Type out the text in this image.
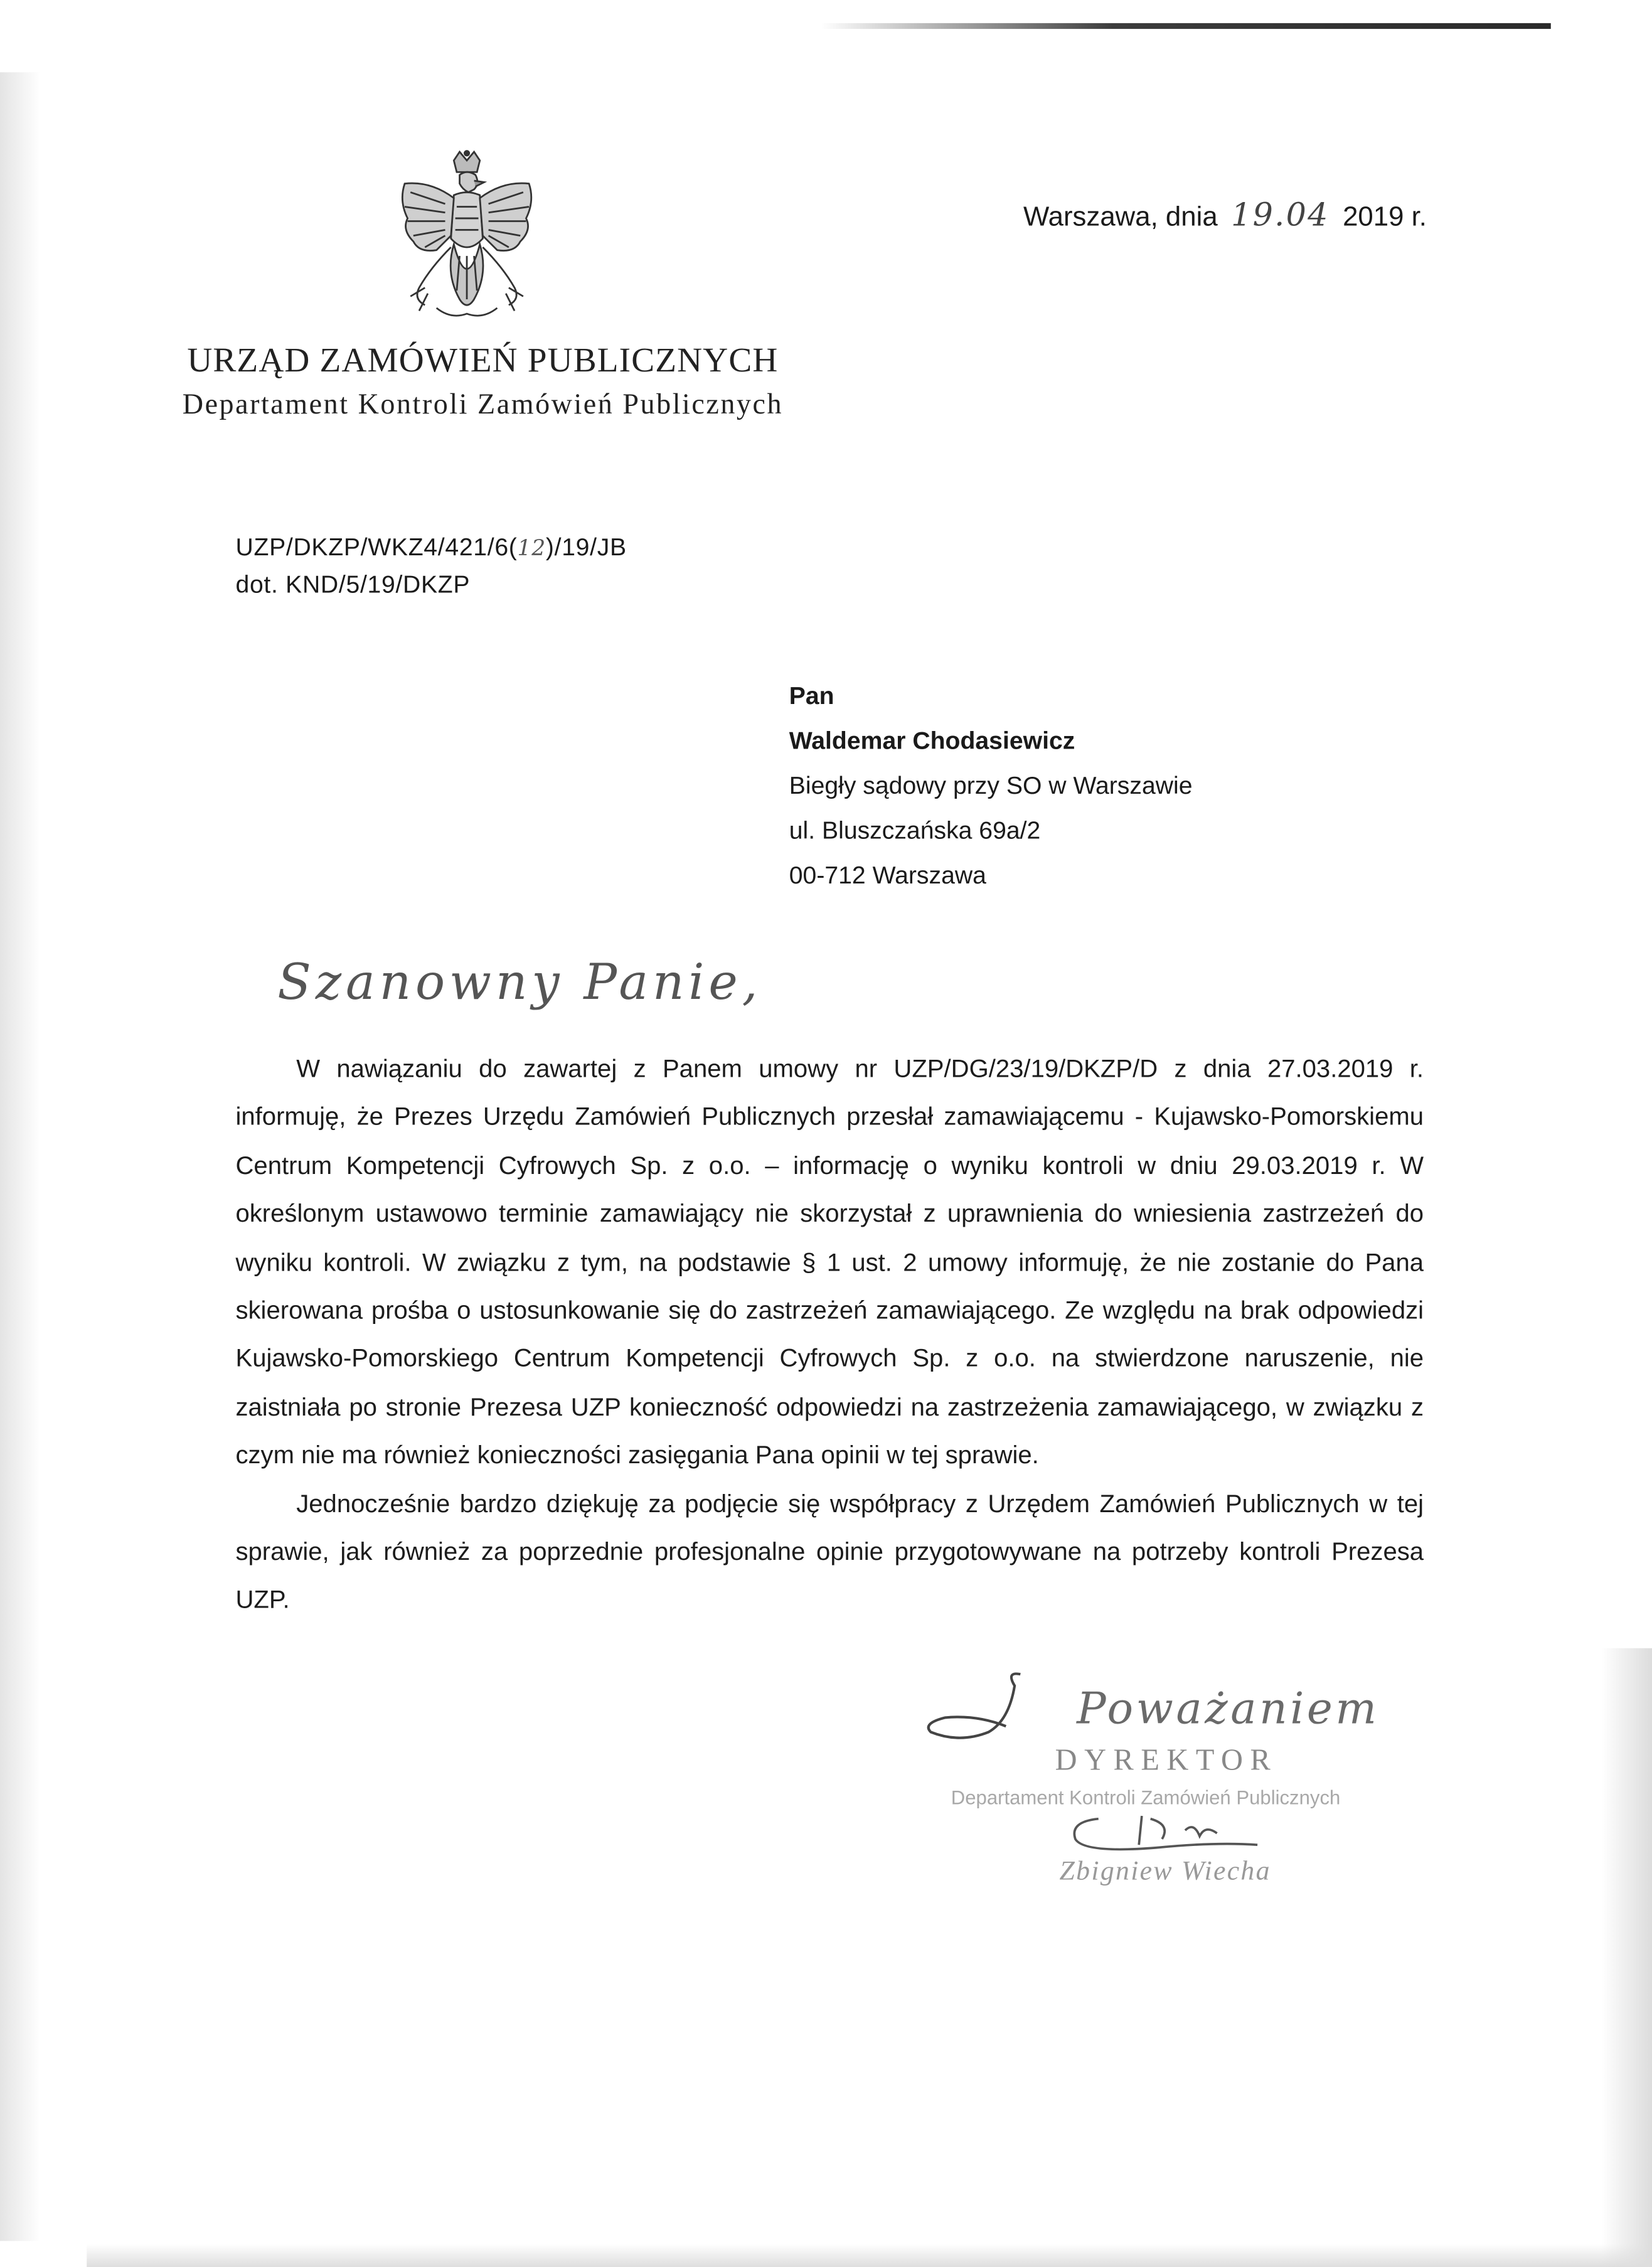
Warszawa, dnia 19.04 2019 r.
URZĄD ZAMÓWIEŃ PUBLICZNYCH
Departament Kontroli Zamówień Publicznych
UZP/DKZP/WKZ4/421/6(12)/19/JB
dot. KND/5/19/DKZP
Pan
Waldemar Chodasiewicz
Biegły sądowy przy SO w Warszawie
ul. Bluszczańska 69a/2
00-712 Warszawa
Szanowny Panie,

W nawiązaniu do zawartej z Panem umowy nr UZP/DG/23/19/DKZP/D z dnia 27.03.2019 r. informuję, że Prezes Urzędu Zamówień Publicznych przesłał zamawiającemu - Kujawsko-Pomorskiemu Centrum Kompetencji Cyfrowych Sp. z o.o. – informację o wyniku kontroli w dniu 29.03.2019 r. W określonym ustawowo terminie zamawiający nie skorzystał z uprawnienia do wniesienia zastrzeżeń do wyniku kontroli. W związku z tym, na podstawie § 1 ust. 2 umowy informuję, że nie zostanie do Pana skierowana prośba o ustosunkowanie się do zastrzeżeń zamawiającego. Ze względu na brak odpowiedzi Kujawsko-Pomorskiego Centrum Kompetencji Cyfrowych Sp. z o.o. na stwierdzone naruszenie, nie zaistniała po stronie Prezesa UZP konieczność odpowiedzi na zastrzeżenia zamawiającego, w związku z czym nie ma również konieczności zasięgania Pana opinii w tej sprawie.

Jednocześnie bardzo dziękuję za podjęcie się współpracy z Urzędem Zamówień Publicznych w tej sprawie, jak również za poprzednie profesjonalne opinie przygotowywane na potrzeby kontroli Prezesa UZP.

Poważaniem
DYREKTOR
Departament Kontroli Zamówień Publicznych
Zbigniew Wiecha
